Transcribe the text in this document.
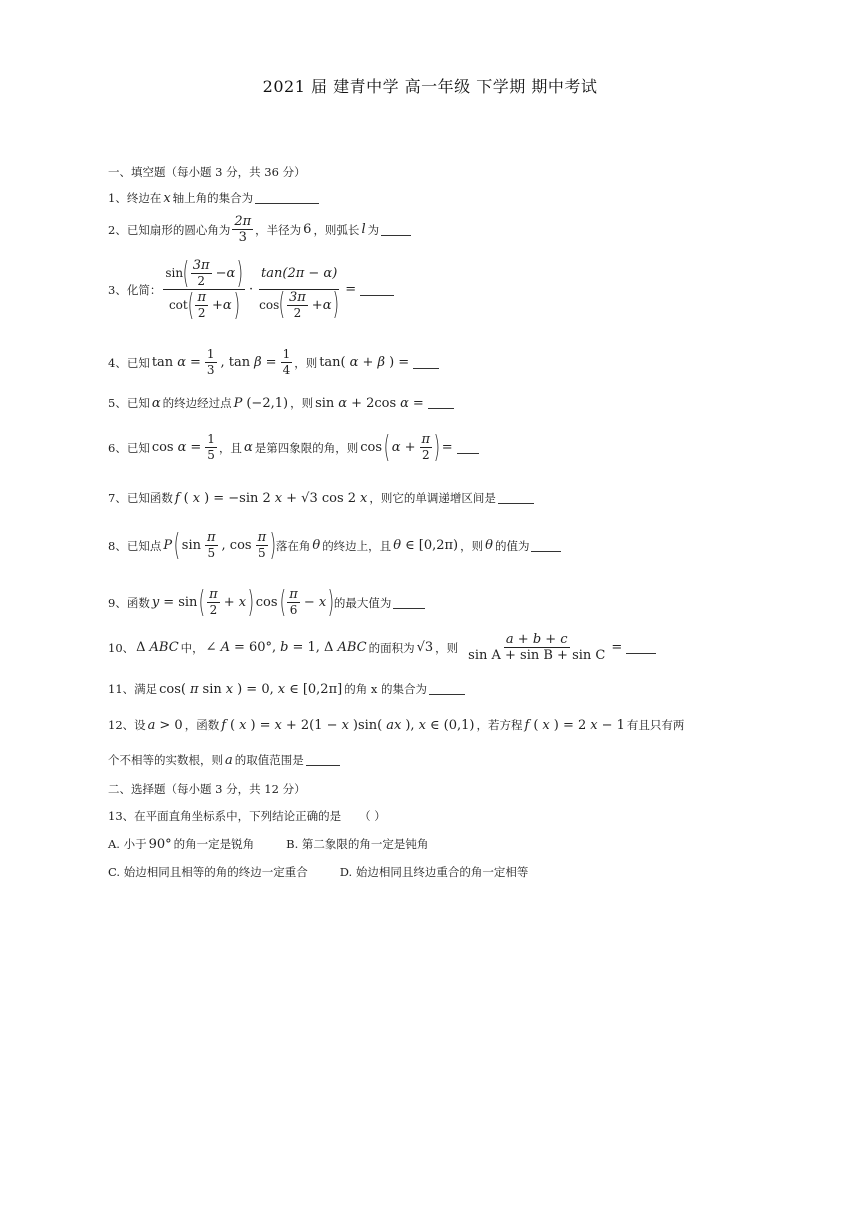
2021 届 建青中学 高一年级 下学期 期中考试
一、填空题（每小题 3 分，共 36 分）
1、终边在 x 轴上角的集合为
2、已知扇形的圆心角为 $\frac{2\pi}{3}$ ，半径为 6 ，则弧长 l 为
3、化简： $\frac{\sin ( \frac{3\pi}{2} -\alpha )}{\cot ( \frac{\pi}{2} +\alpha )} \cdot \frac{\tan(2\pi - \alpha)}{\cos ( \frac{3\pi}{2} +\alpha )}$ =
4、已知 $\tan \alpha = \frac{1}{3}$ , $\tan \beta = \frac{1}{4}$ ，则 tan( α + β ) =
5、已知 α 的终边经过点 P (−2,1) ，则 sin α + 2cos α =
6、已知 $\cos \alpha = \frac{1}{5}$ ，且 α 是第四象限的角，则 cos ( $\alpha + \frac{\pi}{2}$ ) =
7、已知函数 f ( x ) = −sin 2 x + √3 cos 2 x ，则它的单调递增区间是
8、已知点 P ( $\sin \frac{\pi}{5}$ , $\cos \frac{\pi}{5}$ ) 落在角 θ 的终边上，且 θ ∈ [0,2π) ，则 θ 的值为
9、函数 y = sin ( $\frac{\pi}{2} + x$ ) cos ( $\frac{\pi}{6} - x$ ) 的最大值为
10、 Δ ABC 中， ∠ A = 60°, b = 1, Δ ABC 的面积为 √3 ，则 $\frac{a + b + c}{\text{sin A + sin B + sin C}}$ =
11、满足 cos( π sin x ) = 0, x ∈ [0,2π] 的角 x 的集合为
12、设 a > 0 ，函数 f ( x ) = x + 2(1 − x )sin( ax ), x ∈ (0,1) ，若方程 f ( x ) = 2 x − 1 有且只有两
个不相等的实数根，则 a 的取值范围是
二、选择题（每小题 3 分，共 12 分）
13、在平面直角坐标系中，下列结论正确的是 （ ）
A. 小于 90° 的角一定是锐角	B. 第二象限的角一定是钝角
C. 始边相同且相等的角的终边一定重合	D. 始边相同且终边重合的角一定相等
